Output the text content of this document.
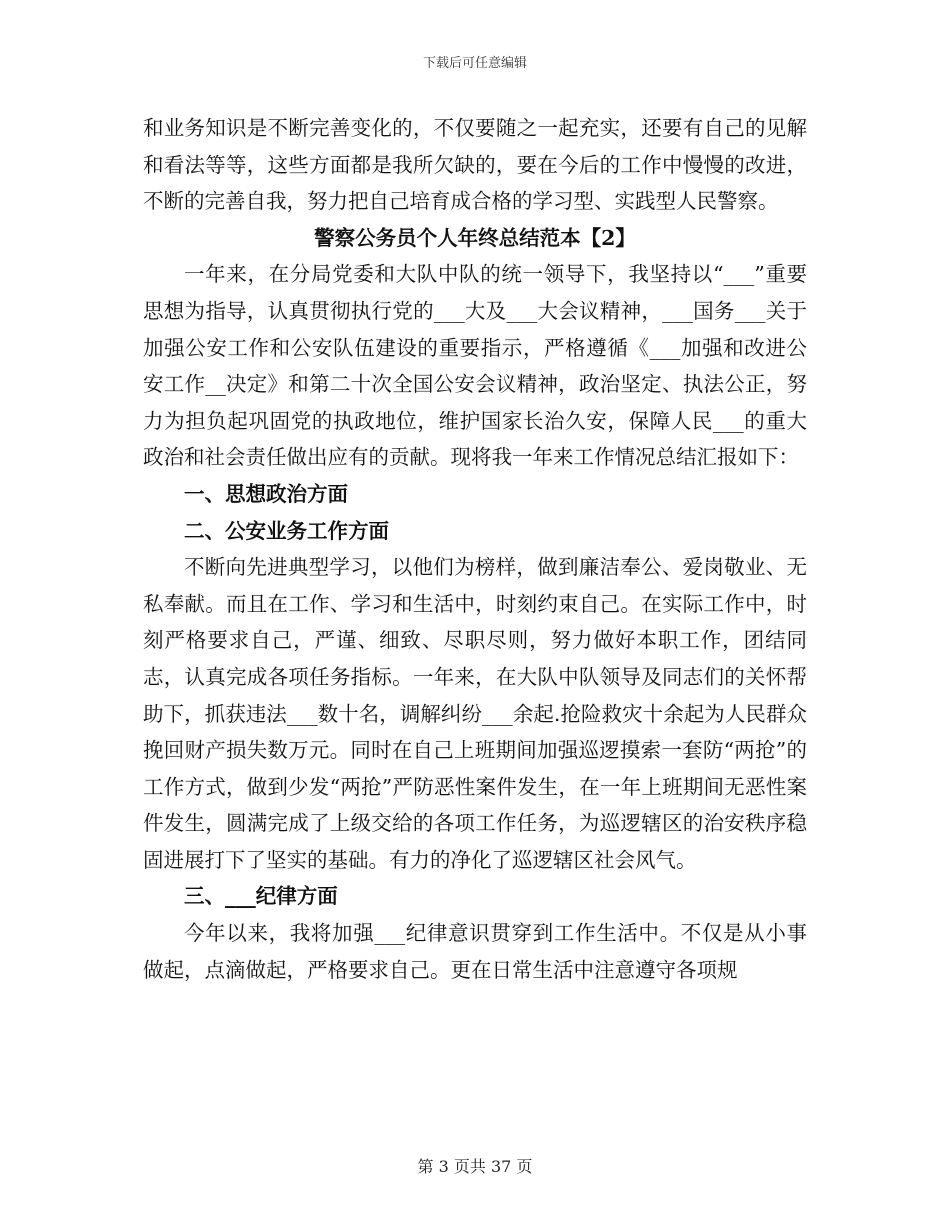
下载后可任意编辑

和业务知识是不断完善变化的，不仅要随之一起充实，还要有自己的见解和看法等等，这些方面都是我所欠缺的，要在今后的工作中慢慢的改进，不断的完善自我，努力把自己培育成合格的学习型、实践型人民警察。

警察公务员个人年终总结范本【2】

一年来，在分局党委和大队中队的统一领导下，我坚持以“___”重要思想为指导，认真贯彻执行党的___大及___大会议精神，___国务___关于加强公安工作和公安队伍建设的重要指示，严格遵循《___加强和改进公安工作__决定》和第二十次全国公安会议精神，政治坚定、执法公正，努力为担负起巩固党的执政地位，维护国家长治久安，保障人民___的重大政治和社会责任做出应有的贡献。现将我一年来工作情况总结汇报如下：

一、思想政治方面

二、公安业务工作方面

不断向先进典型学习，以他们为榜样，做到廉洁奉公、爱岗敬业、无私奉献。而且在工作、学习和生活中，时刻约束自己。在实际工作中，时刻严格要求自己，严谨、细致、尽职尽则，努力做好本职工作，团结同志，认真完成各项任务指标。一年来，在大队中队领导及同志们的关怀帮助下，抓获违法___数十名，调解纠纷___余起.抢险救灾十余起为人民群众挽回财产损失数万元。同时在自己上班期间加强巡逻摸索一套防“两抢”的工作方式，做到少发“两抢”严防恶性案件发生，在一年上班期间无恶性案件发生，圆满完成了上级交给的各项工作任务，为巡逻辖区的治安秩序稳固进展打下了坚实的基础。有力的净化了巡逻辖区社会风气。

三、___纪律方面

今年以来，我将加强___纪律意识贯穿到工作生活中。不仅是从小事做起，点滴做起，严格要求自己。更在日常生活中注意遵守各项规

第 3 页共 37 页
